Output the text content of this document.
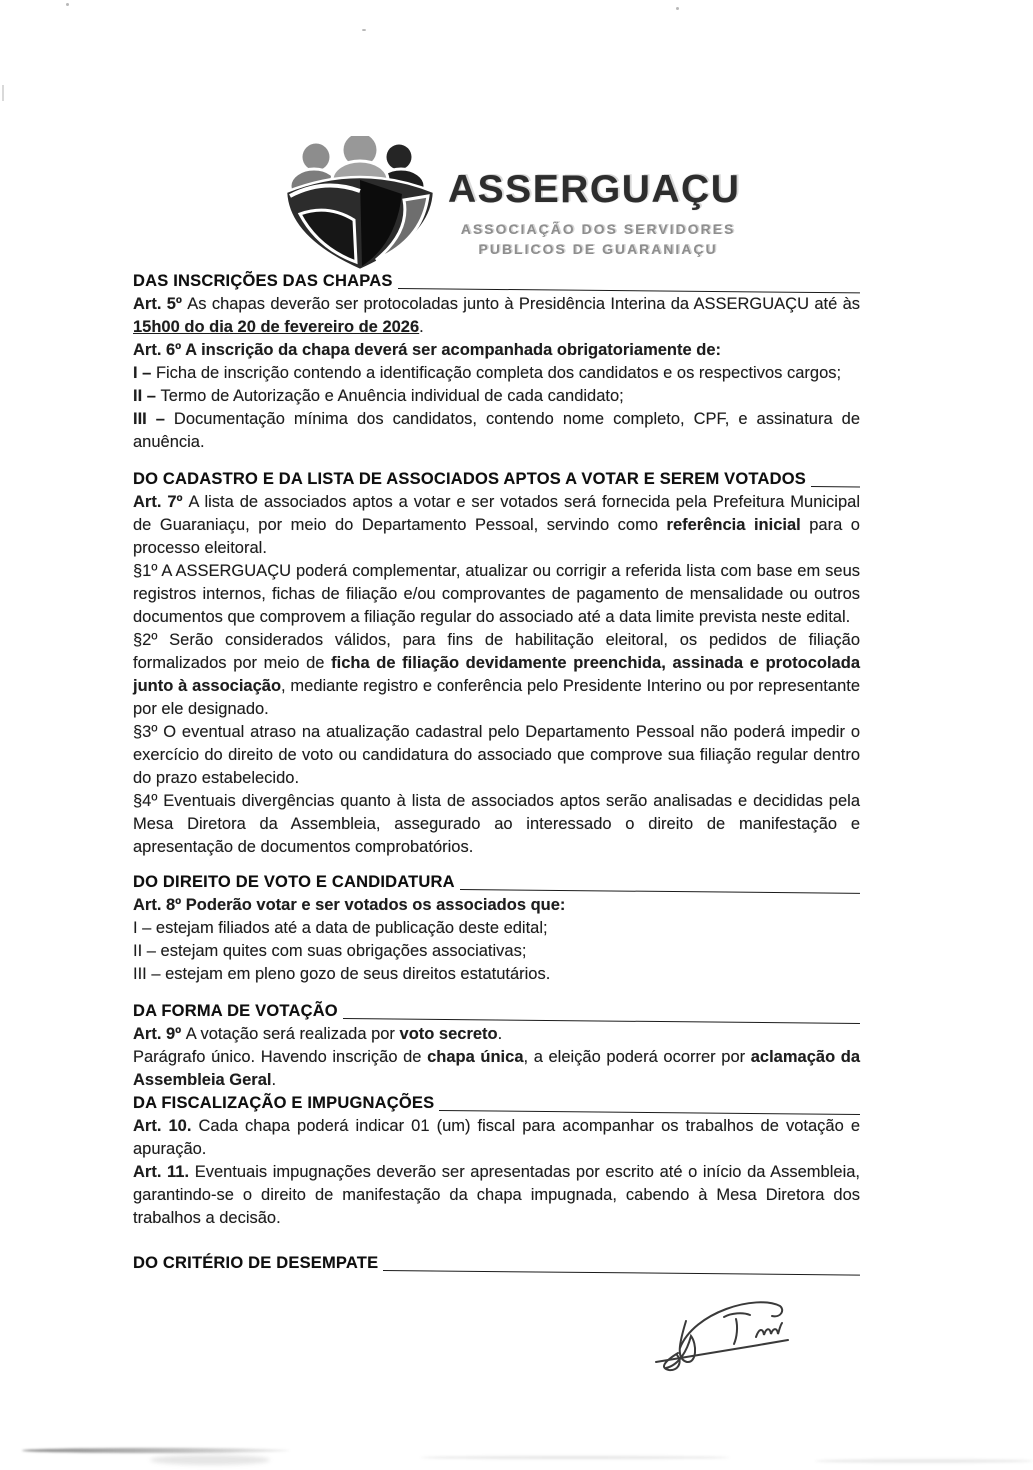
ASSERGUAÇU
ASSOCIAÇÃO DOS SERVIDORES
PUBLICOS DE GUARANIAÇU
DAS INSCRIÇÕES DAS CHAPAS

Art. 5º As chapas deverão ser protocoladas junto à Presidência Interina da ASSERGUAÇU até às 15h00 do dia 20 de fevereiro de 2026.

Art. 6º A inscrição da chapa deverá ser acompanhada obrigatoriamente de:

I – Ficha de inscrição contendo a identificação completa dos candidatos e os respectivos cargos;

II – Termo de Autorização e Anuência individual de cada candidato;

III – Documentação mínima dos candidatos, contendo nome completo, CPF, e assinatura de anuência.

DO CADASTRO E DA LISTA DE ASSOCIADOS APTOS A VOTAR E SEREM VOTADOS

Art. 7º A lista de associados aptos a votar e ser votados será fornecida pela Prefeitura Municipal de Guaraniaçu, por meio do Departamento Pessoal, servindo como referência inicial para o processo eleitoral.

§1º A ASSERGUAÇU poderá complementar, atualizar ou corrigir a referida lista com base em seus registros internos, fichas de filiação e/ou comprovantes de pagamento de mensalidade ou outros documentos que comprovem a filiação regular do associado até a data limite prevista neste edital.

§2º Serão considerados válidos, para fins de habilitação eleitoral, os pedidos de filiação formalizados por meio de ficha de filiação devidamente preenchida, assinada e protocolada junto à associação, mediante registro e conferência pelo Presidente Interino ou por representante por ele designado.

§3º O eventual atraso na atualização cadastral pelo Departamento Pessoal não poderá impedir o exercício do direito de voto ou candidatura do associado que comprove sua filiação regular dentro do prazo estabelecido.

§4º Eventuais divergências quanto à lista de associados aptos serão analisadas e decididas pela Mesa Diretora da Assembleia, assegurado ao interessado o direito de manifestação e apresentação de documentos comprobatórios.

DO DIREITO DE VOTO E CANDIDATURA

Art. 8º Poderão votar e ser votados os associados que:

I – estejam filiados até a data de publicação deste edital;

II – estejam quites com suas obrigações associativas;

III – estejam em pleno gozo de seus direitos estatutários.

DA FORMA DE VOTAÇÃO

Art. 9º A votação será realizada por voto secreto.

Parágrafo único. Havendo inscrição de chapa única, a eleição poderá ocorrer por aclamação da Assembleia Geral.

DA FISCALIZAÇÃO E IMPUGNAÇÕES

Art. 10. Cada chapa poderá indicar 01 (um) fiscal para acompanhar os trabalhos de votação e apuração.

Art. 11. Eventuais impugnações deverão ser apresentadas por escrito até o início da Assembleia, garantindo-se o direito de manifestação da chapa impugnada, cabendo à Mesa Diretora dos trabalhos a decisão.

DO CRITÉRIO DE DESEMPATE
